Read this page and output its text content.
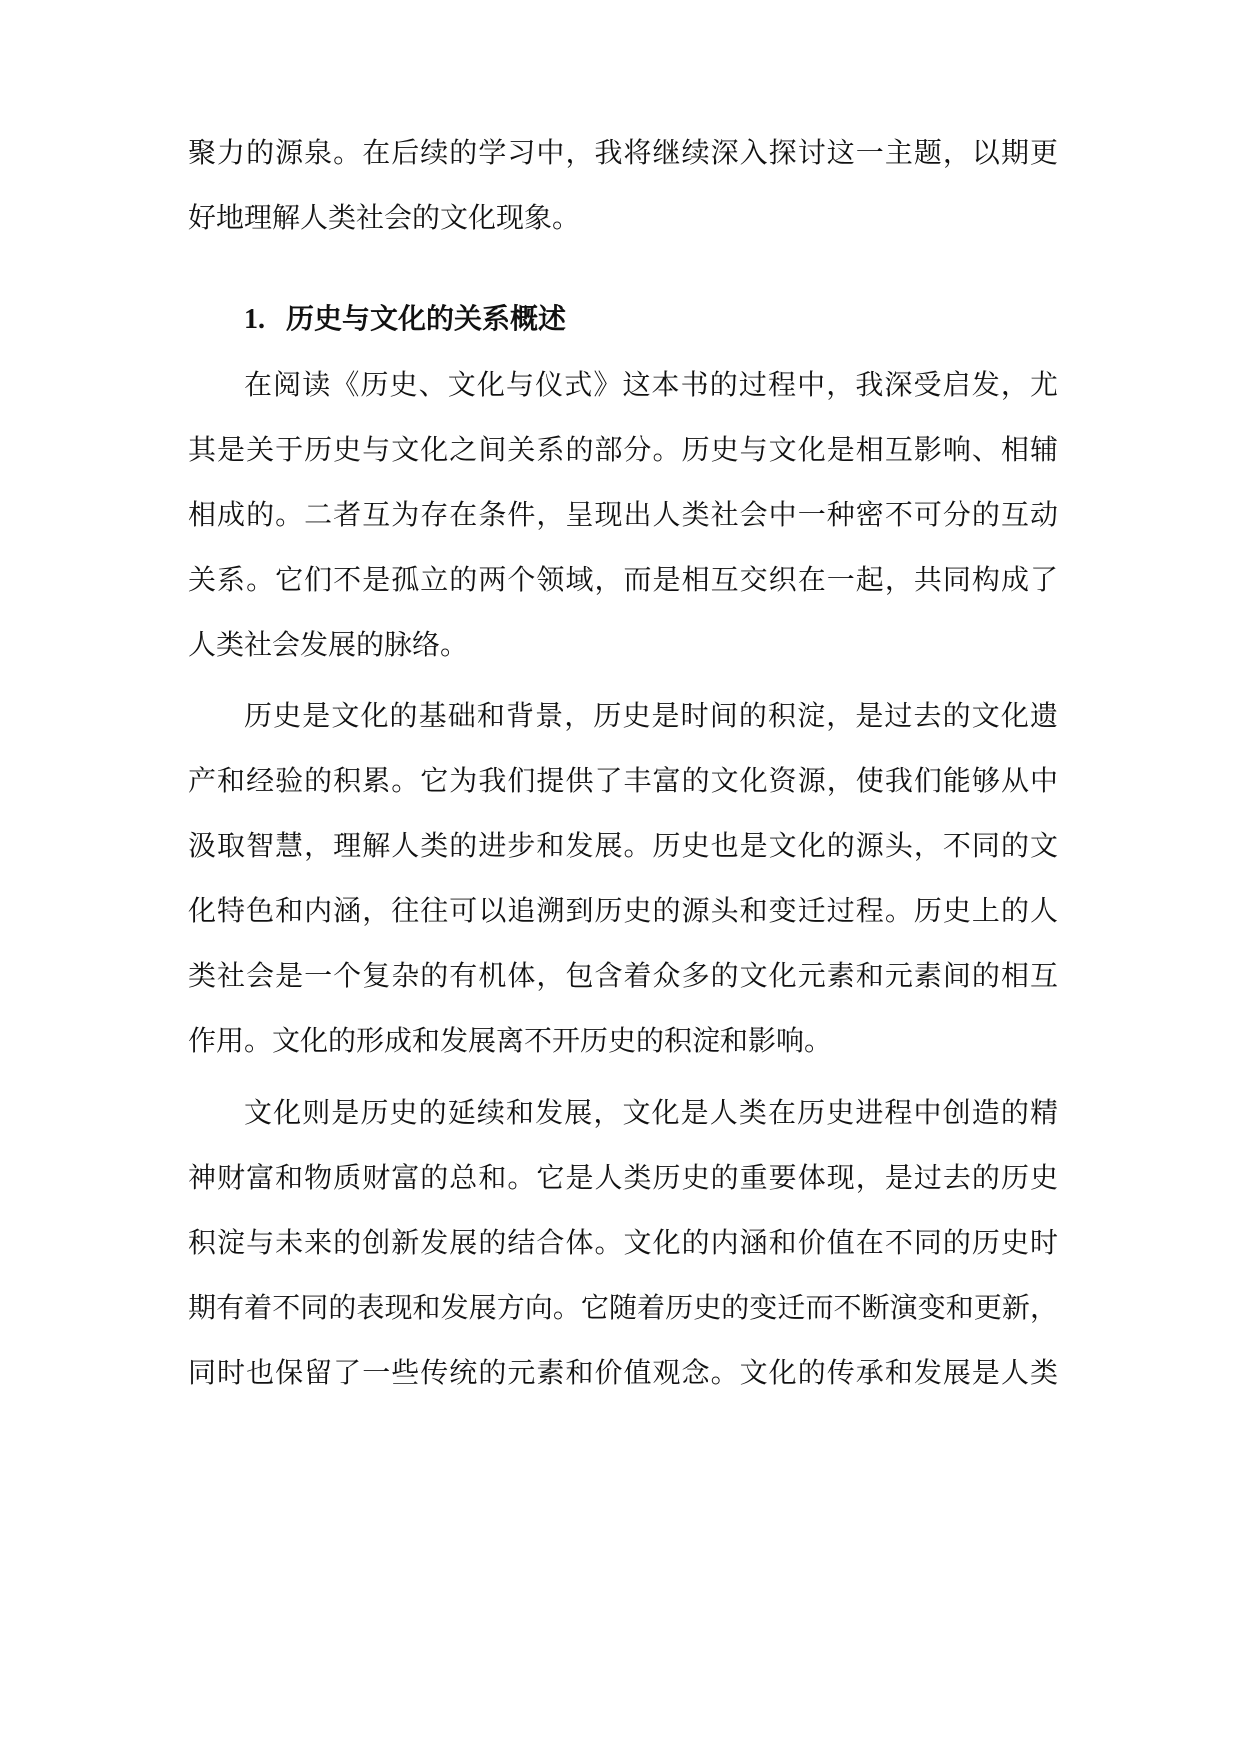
聚力的源泉。在后续的学习中，我将继续深入探讨这一主题，以期更
好地理解人类社会的文化现象。

1. 历史与文化的关系概述

在阅读《历史、文化与仪式》这本书的过程中，我深受启发，尤
其是关于历史与文化之间关系的部分。历史与文化是相互影响、相辅
相成的。二者互为存在条件，呈现出人类社会中一种密不可分的互动
关系。它们不是孤立的两个领域，而是相互交织在一起，共同构成了
人类社会发展的脉络。
历史是文化的基础和背景，历史是时间的积淀，是过去的文化遗
产和经验的积累。它为我们提供了丰富的文化资源，使我们能够从中
汲取智慧，理解人类的进步和发展。历史也是文化的源头，不同的文
化特色和内涵，往往可以追溯到历史的源头和变迁过程。历史上的人
类社会是一个复杂的有机体，包含着众多的文化元素和元素间的相互
作用。文化的形成和发展离不开历史的积淀和影响。
文化则是历史的延续和发展，文化是人类在历史进程中创造的精
神财富和物质财富的总和。它是人类历史的重要体现，是过去的历史
积淀与未来的创新发展的结合体。文化的内涵和价值在不同的历史时
期有着不同的表现和发展方向。它随着历史的变迁而不断演变和更新，
同时也保留了一些传统的元素和价值观念。文化的传承和发展是人类
